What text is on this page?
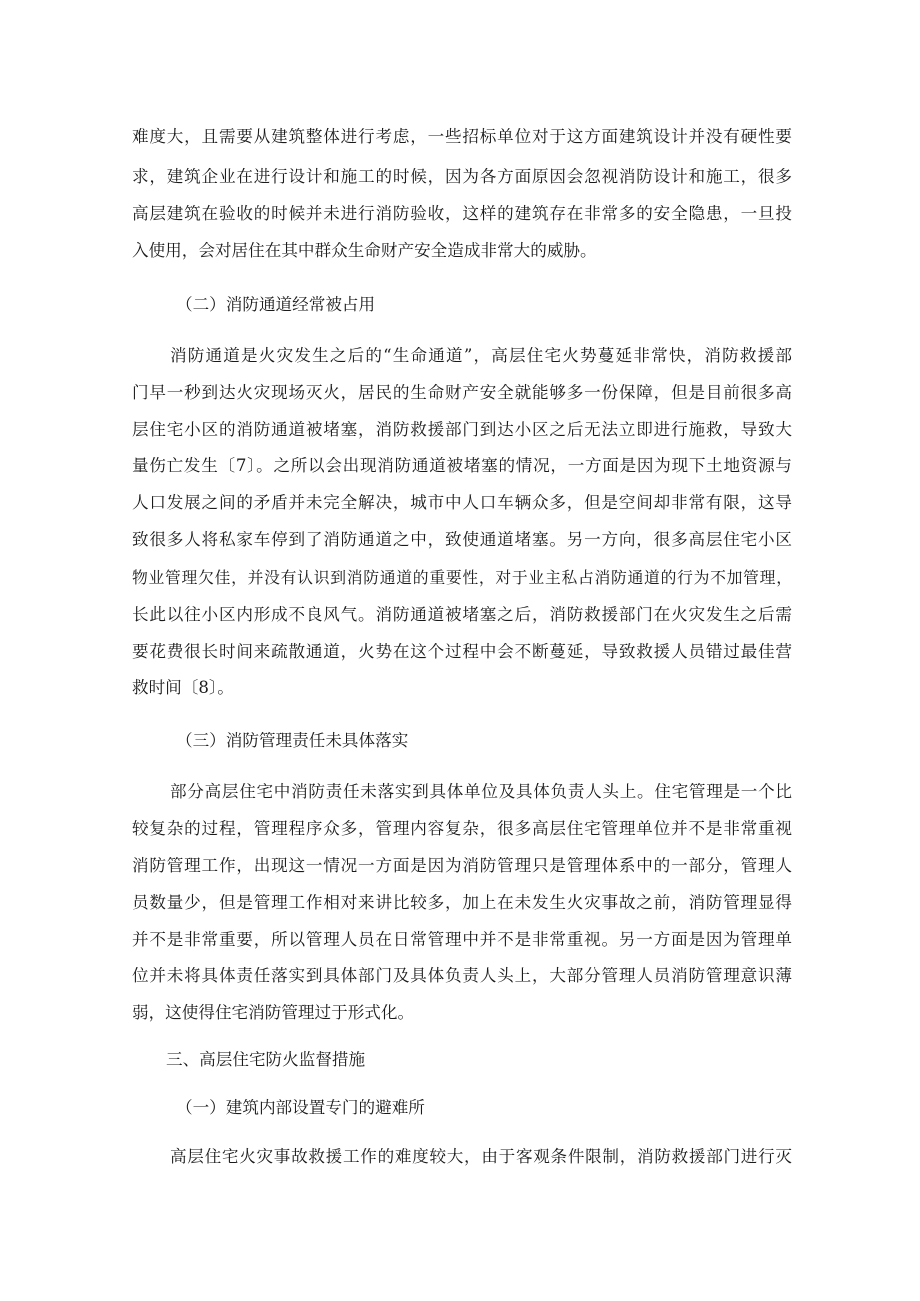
难度大，且需要从建筑整体进行考虑，一些招标单位对于这方面建筑设计并没有硬性要
求，建筑企业在进行设计和施工的时候，因为各方面原因会忽视消防设计和施工，很多
高层建筑在验收的时候并未进行消防验收，这样的建筑存在非常多的安全隐患，一旦投
入使用，会对居住在其中群众生命财产安全造成非常大的威胁。
（二）消防通道经常被占用
消防通道是火灾发生之后的“生命通道”，高层住宅火势蔓延非常快，消防救援部
门早一秒到达火灾现场灭火，居民的生命财产安全就能够多一份保障，但是目前很多高
层住宅小区的消防通道被堵塞，消防救援部门到达小区之后无法立即进行施救，导致大
量伤亡发生〔7〕。之所以会出现消防通道被堵塞的情况，一方面是因为现下土地资源与
人口发展之间的矛盾并未完全解决，城市中人口车辆众多，但是空间却非常有限，这导
致很多人将私家车停到了消防通道之中，致使通道堵塞。另一方向，很多高层住宅小区
物业管理欠佳，并没有认识到消防通道的重要性，对于业主私占消防通道的行为不加管理，
长此以往小区内形成不良风气。消防通道被堵塞之后，消防救援部门在火灾发生之后需
要花费很长时间来疏散通道，火势在这个过程中会不断蔓延，导致救援人员错过最佳营
救时间〔8〕。
（三）消防管理责任未具体落实
部分高层住宅中消防责任未落实到具体单位及具体负责人头上。住宅管理是一个比
较复杂的过程，管理程序众多，管理内容复杂，很多高层住宅管理单位并不是非常重视
消防管理工作，出现这一情况一方面是因为消防管理只是管理体系中的一部分，管理人
员数量少，但是管理工作相对来讲比较多，加上在未发生火灾事故之前，消防管理显得
并不是非常重要，所以管理人员在日常管理中并不是非常重视。另一方面是因为管理单
位并未将具体责任落实到具体部门及具体负责人头上，大部分管理人员消防管理意识薄
弱，这使得住宅消防管理过于形式化。
三、高层住宅防火监督措施
（一）建筑内部设置专门的避难所
高层住宅火灾事故救援工作的难度较大，由于客观条件限制，消防救援部门进行灭
